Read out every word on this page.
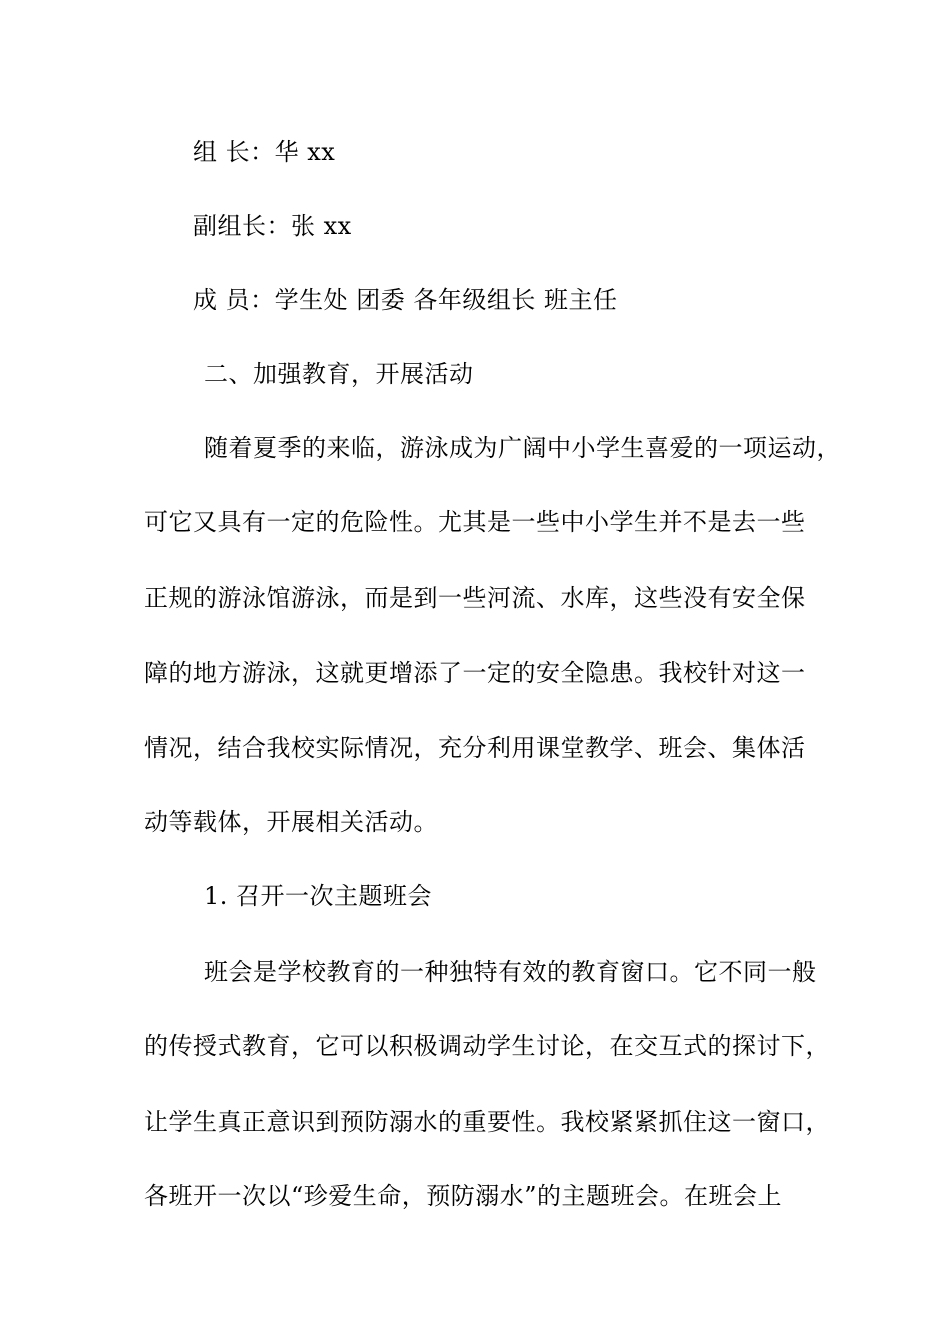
组 长：华 xx
副组长：张 xx
成 员：学生处 团委 各年级组长 班主任
二、加强教育，开展活动
随着夏季的来临，游泳成为广阔中小学生喜爱的一项运动，
可它又具有一定的危险性。尤其是一些中小学生并不是去一些
正规的游泳馆游泳，而是到一些河流、水库，这些没有安全保
障的地方游泳，这就更增添了一定的安全隐患。我校针对这一
情况，结合我校实际情况，充分利用课堂教学、班会、集体活
动等载体，开展相关活动。
1. 召开一次主题班会
班会是学校教育的一种独特有效的教育窗口。它不同一般
的传授式教育，它可以积极调动学生讨论，在交互式的探讨下，
让学生真正意识到预防溺水的重要性。我校紧紧抓住这一窗口，
各班开一次以“珍爱生命，预防溺水”的主题班会。在班会上
